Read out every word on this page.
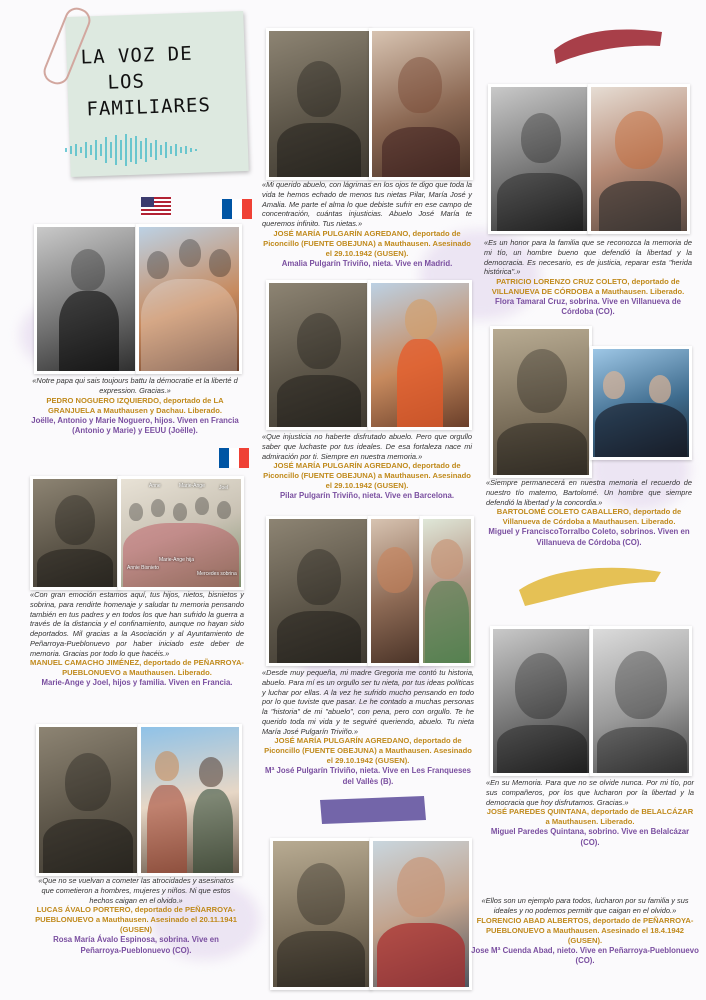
LA VOZ DE
LOS
FAMILIARES
«Mi querido abuelo, con lágrimas en los ojos te digo que toda la vida te hemos echado de menos tus nietas Pilar, María José y Amalia. Me parte el alma lo que debiste sufrir en ese campo de concentración, cuántas injusticias. Abuelo José María te queremos infinito. Tus nietas.»
JOSÉ MARÍA PULGARÍN AGREDANO, deportado de Piconcillo (FUENTE OBEJUNA) a Mauthausen. Asesinado el 29.10.1942 (GUSEN).
Amalia Pulgarín Triviño, nieta. Vive en Madrid.
«Es un honor para la familia que se reconozca la memoria de mi tío, un hombre bueno que defendió la libertad y la democracia. Es necesario, es de justicia, reparar esta "herida histórica".»
PATRICIO LORENZO CRUZ COLETO, deportado de VILLANUEVA DE CÓRDOBA a Mauthausen. Liberado.
Flora Tamaral Cruz, sobrina. Vive en Villanueva de Córdoba (CO).
«Notre papa qui sais toujours battu la démocratie et la liberté d expression. Gracias.»
PEDRO NOGUERO IZQUIERDO, deportado de LA GRANJUELA a Mauthausen y Dachau. Liberado.
Joëlle, Antonio y Marie Noguero, hijos. Viven en Francia (Antonio y Marie) y EEUU (Joëlle).
«Que injusticia no haberte disfrutado abuelo. Pero que orgullo saber que luchaste por tus ideales. De esa fortaleza nace mi admiración por ti. Siempre en nuestra memoria.»
JOSÉ MARÍA PULGARÍN AGREDANO, deportado de Piconcillo (FUENTE OBEJUNA) a Mauthausen. Asesinado el 29.10.1942 (GUSEN).
Pilar Pulgarín Triviño, nieta. Vive en Barcelona.
«Siempre permanecerá en nuestra memoria el recuerdo de nuestro tío materno, Bartolomé. Un hombre que siempre defendió la libertad y la concordia.»
BARTOLOMÉ COLETO CABALLERO, deportado de Villanueva de Córdoba a Mauthausen. Liberado.
Miguel y FranciscoTorralbo Coleto, sobrinos. Viven en Villanueva de Córdoba (CO).
Annie Bisnieto
Marie-Ange hija
Mercedes sobrina
Anne	Marie-Ange	Joel
«Con gran emoción estamos aquí, tus hijos, nietos, bisnietos y sobrina, para rendirte homenaje y saludar tu memoria pensando también en tus padres y en todos los que han sufrido la guerra a través de la distancia y el confinamiento, aunque no hayan sido deportados. Mil gracias a la Asociación y al Ayuntamiento de Peñarroya-Pueblonuevo por haber iniciado este deber de memoria. Gracias por todo lo que hacéis.»
MANUEL CAMACHO JIMÉNEZ, deportado de PEÑARROYA-PUEBLONUEVO a Mauthausen. Liberado.
Marie-Ange y Joel, hijos y familia. Viven en Francia.
«Desde muy pequeña, mi madre Gregoria me contó tu historia, abuelo. Para mí es un orgullo ser tu nieta, por tus ideas políticas y luchar por ellas. A la vez he sufrido mucho pensando en todo por lo que tuviste que pasar. Le he contado a muchas personas la "historia" de mi "abuelo", con pena, pero con orgullo. Te he querido toda mi vida y te seguiré queriendo, abuelo. Tu nieta María José Pulgarín Triviño.»
JOSÉ MARÍA PULGARÍN AGREDANO, deportado de Piconcillo (FUENTE OBEJUNA) a Mauthausen. Asesinado el 29.10.1942 (GUSEN).
Mª José Pulgarín Triviño, nieta. Vive en Les Franqueses del Vallès (B).	«En su Memoria. Para que no se olvide nunca. Por mi tío, por sus compañeros, por los que lucharon por la libertad y la democracia que hoy disfrutamos. Gracias.»
JOSÉ PAREDES QUINTANA, deportado de BELALCÁZAR a Mauthausen. Liberado.
Miguel Paredes Quintana, sobrino. Vive en Belalcázar (CO).
«Que no se vuelvan a cometer las atrocidades y asesinatos que cometieron a hombres, mujeres y niños. Ni que estos hechos caigan en el olvido.»
LUCAS ÁVALO PORTERO, deportado de PEÑARROYA-PUEBLONUEVO a Mauthausen. Asesinado el 20.11.1941 (GUSEN)
Rosa María Ávalo Espinosa, sobrina. Vive en Peñarroya-Pueblonuevo (CO).
«Ellos son un ejemplo para todos, lucharon por su familia y sus ideales y no podemos permitir que caigan en el olvido.»
FLORENCIO ABAD ALBERTOS, deportado de PEÑARROYA-PUEBLONUEVO a Mauthausen. Asesinado el 18.4.1942 (GUSEN).
Jose Mª Cuenda Abad, nieto. Vive en Peñarroya-Pueblonuevo (CO).
